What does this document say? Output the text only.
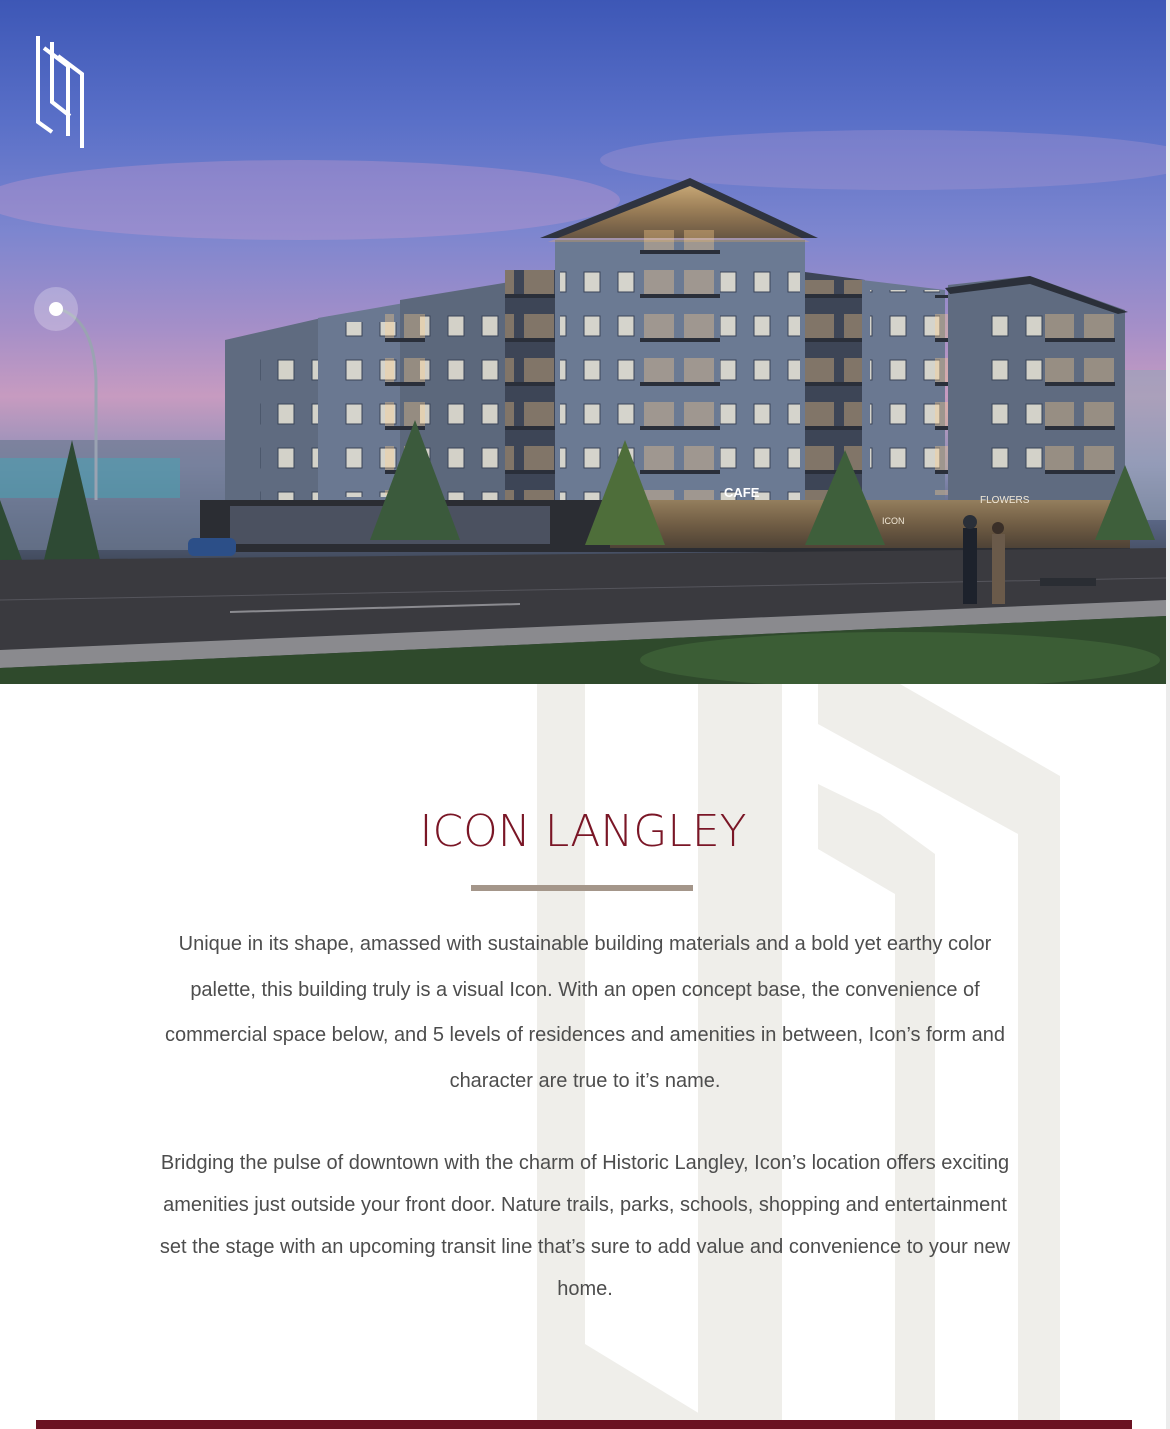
CAFE
FLOWERS
ICON
ICON LANGLEY

Unique in its shape, amassed with sustainable building materials and a bold yet earthy color palette, this building truly is a visual Icon. With an open concept base, the convenience of commercial space below, and 5 levels of residences and amenities in between, Icon’s form and character are true to it’s name.

Bridging the pulse of downtown with the charm of Historic Langley, Icon’s location offers exciting amenities just outside your front door. Nature trails, parks, schools, shopping and entertainment set the stage with an upcoming transit line that’s sure to add value and convenience to your new home.
